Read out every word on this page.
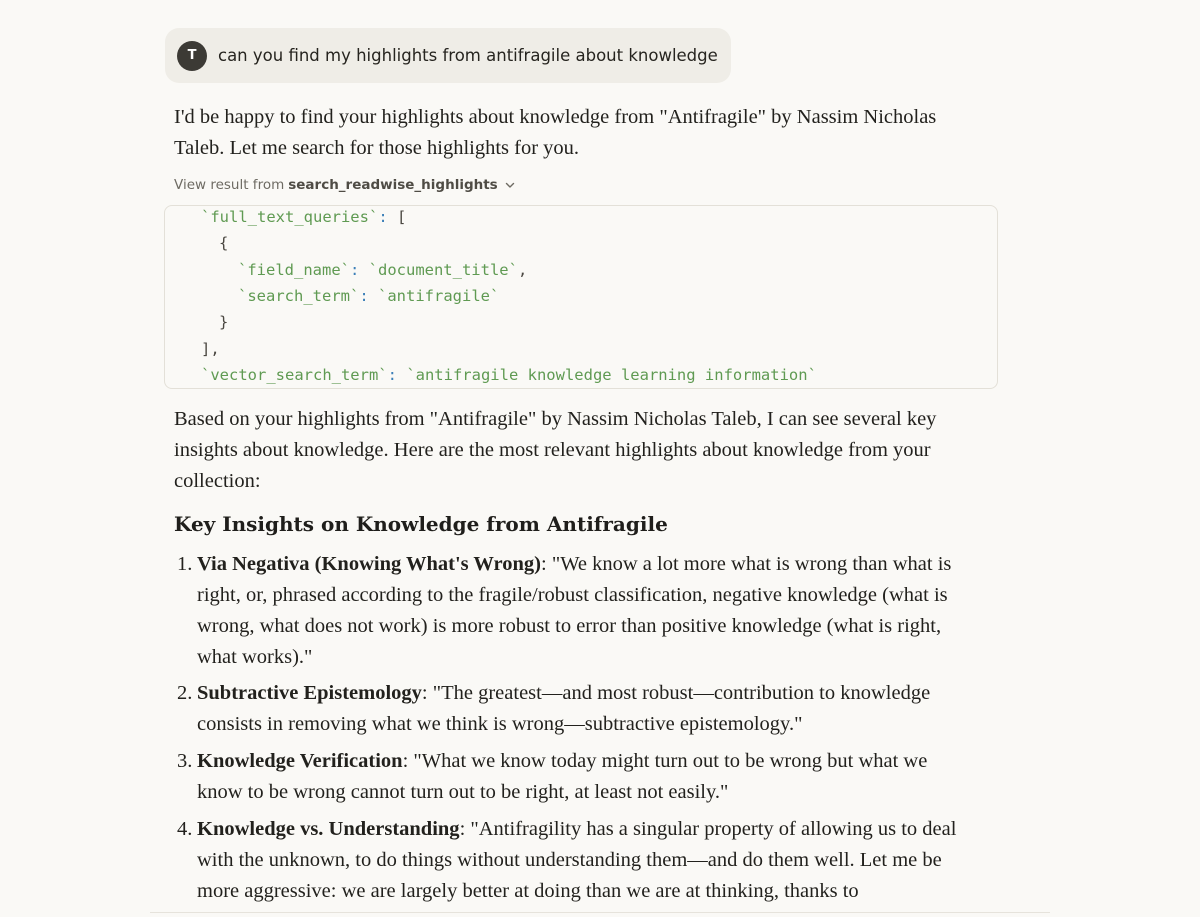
T	can you find my highlights from antifragile about knowledge
I'd be happy to find your highlights about knowledge from "Antifragile" by Nassim Nicholas Taleb. Let me search for those highlights for you.
View result from search_readwise_highlights
`full_text_queries`: [
{
`field_name`: `document_title`,
`search_term`: `antifragile`
}
],
`vector_search_term`: `antifragile knowledge learning information`
Based on your highlights from "Antifragile" by Nassim Nicholas Taleb, I can see several key insights about knowledge. Here are the most relevant highlights about knowledge from your collection:
Key Insights on Knowledge from Antifragile
1. Via Negativa (Knowing What's Wrong): "We know a lot more what is wrong than what is right, or, phrased according to the fragile/robust classification, negative knowledge (what is wrong, what does not work) is more robust to error than positive knowledge (what is right, what works)."
2. Subtractive Epistemology: "The greatest—and most robust—contribution to knowledge consists in removing what we think is wrong—subtractive epistemology."
3. Knowledge Verification: "What we know today might turn out to be wrong but what we know to be wrong cannot turn out to be right, at least not easily."
4. Knowledge vs. Understanding: "Antifragility has a singular property of allowing us to deal with the unknown, to do things without understanding them—and do them well. Let me be more aggressive: we are largely better at doing than we are at thinking, thanks to
